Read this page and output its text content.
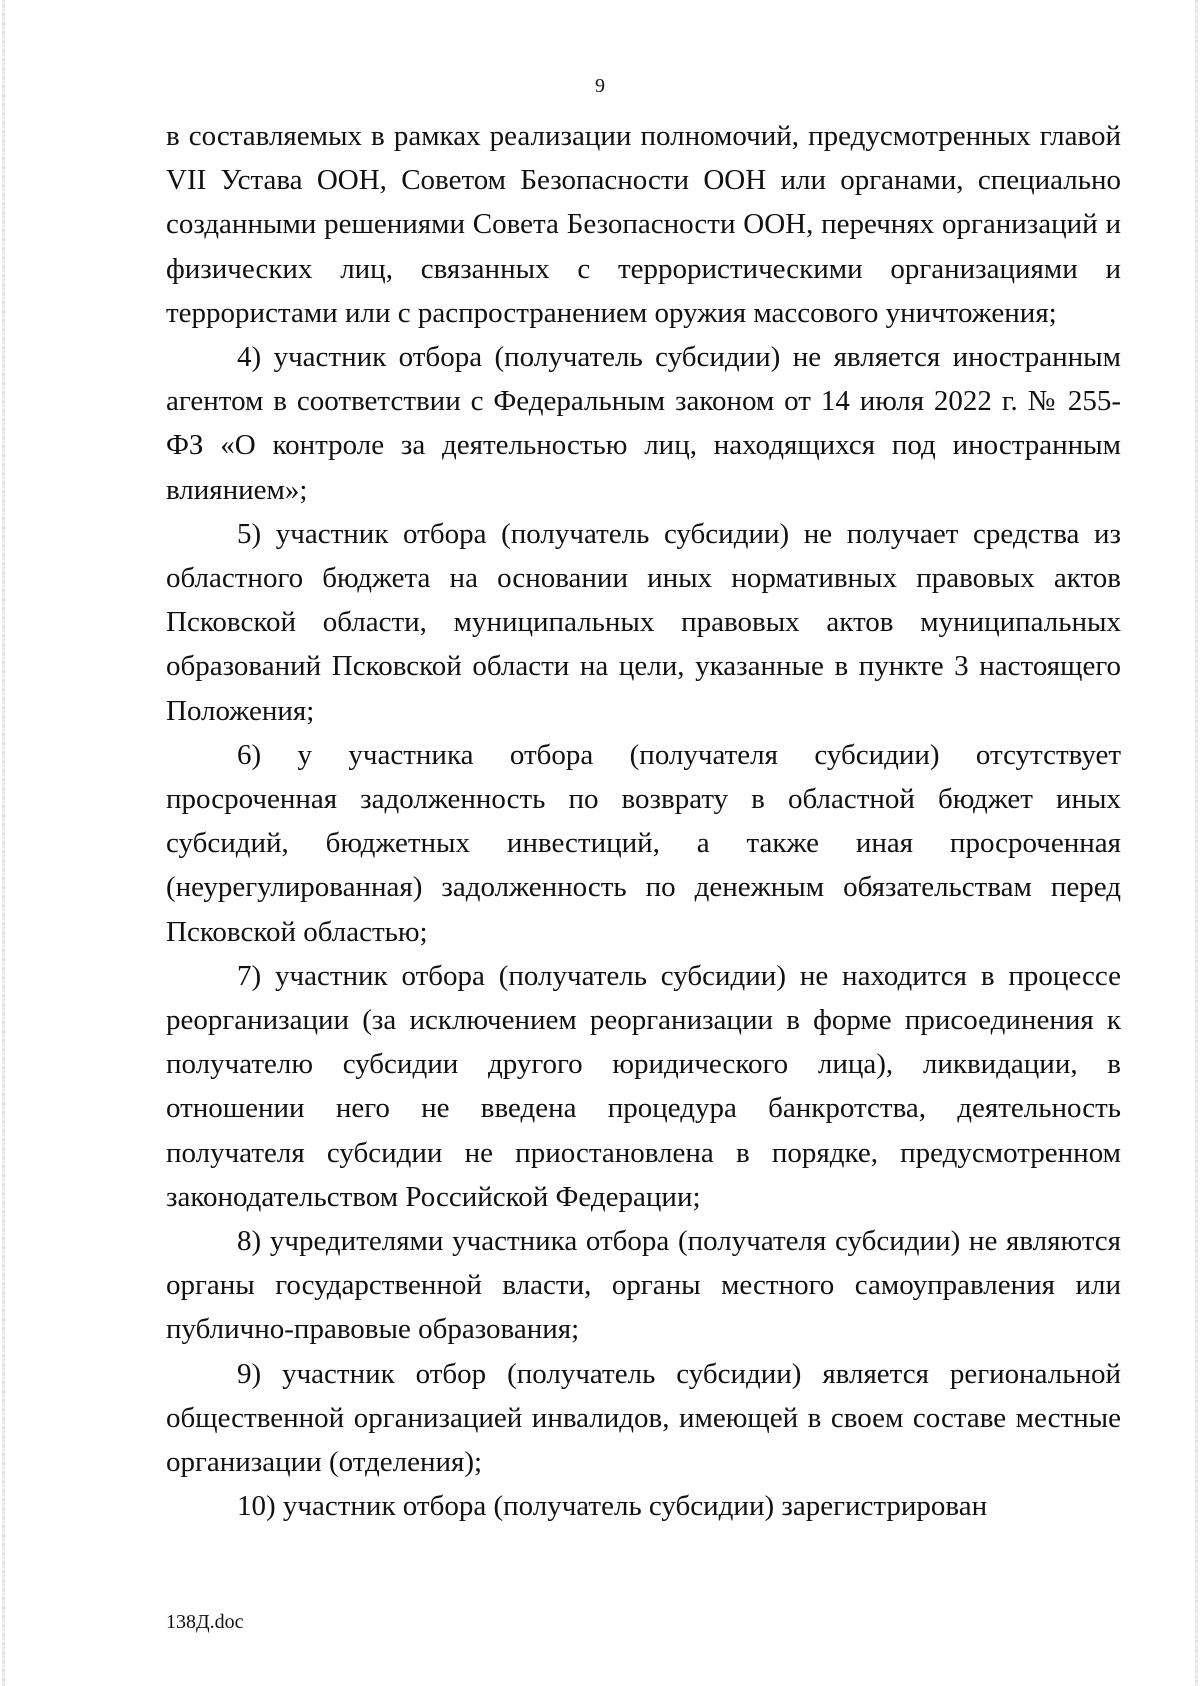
9

в составляемых в рамках реализации полномочий, предусмотренных главой VII Устава ООН, Советом Безопасности ООН или органами, специально созданными решениями Совета Безопасности ООН, перечнях организаций и физических лиц, связанных с террористическими организациями и террористами или с распространением оружия массового уничтожения;

4) участник отбора (получатель субсидии) не является иностранным агентом в соответствии с Федеральным законом от 14 июля 2022 г. № 255-ФЗ «О контроле за деятельностью лиц, находящихся под иностранным влиянием»;

5) участник отбора (получатель субсидии) не получает средства из областного бюджета на основании иных нормативных правовых актов Псковской области, муниципальных правовых актов муниципальных образований Псковской области на цели, указанные в пункте 3 настоящего Положения;

6) у участника отбора (получателя субсидии) отсутствует просроченная задолженность по возврату в областной бюджет иных субсидий, бюджетных инвестиций, а также иная просроченная (неурегулированная) задолженность по денежным обязательствам перед Псковской областью;

7) участник отбора (получатель субсидии) не находится в процессе реорганизации (за исключением реорганизации в форме присоединения к получателю субсидии другого юридического лица), ликвидации, в отношении него не введена процедура банкротства, деятельность получателя субсидии не приостановлена в порядке, предусмотренном законодательством Российской Федерации;

8) учредителями участника отбора (получателя субсидии) не являются органы государственной власти, органы местного самоуправления или публично-правовые образования;

9) участник отбор (получатель субсидии) является региональной общественной организацией инвалидов, имеющей в своем составе местные организации (отделения);

10) участник отбора (получатель субсидии) зарегистрирован

138Д.doc
